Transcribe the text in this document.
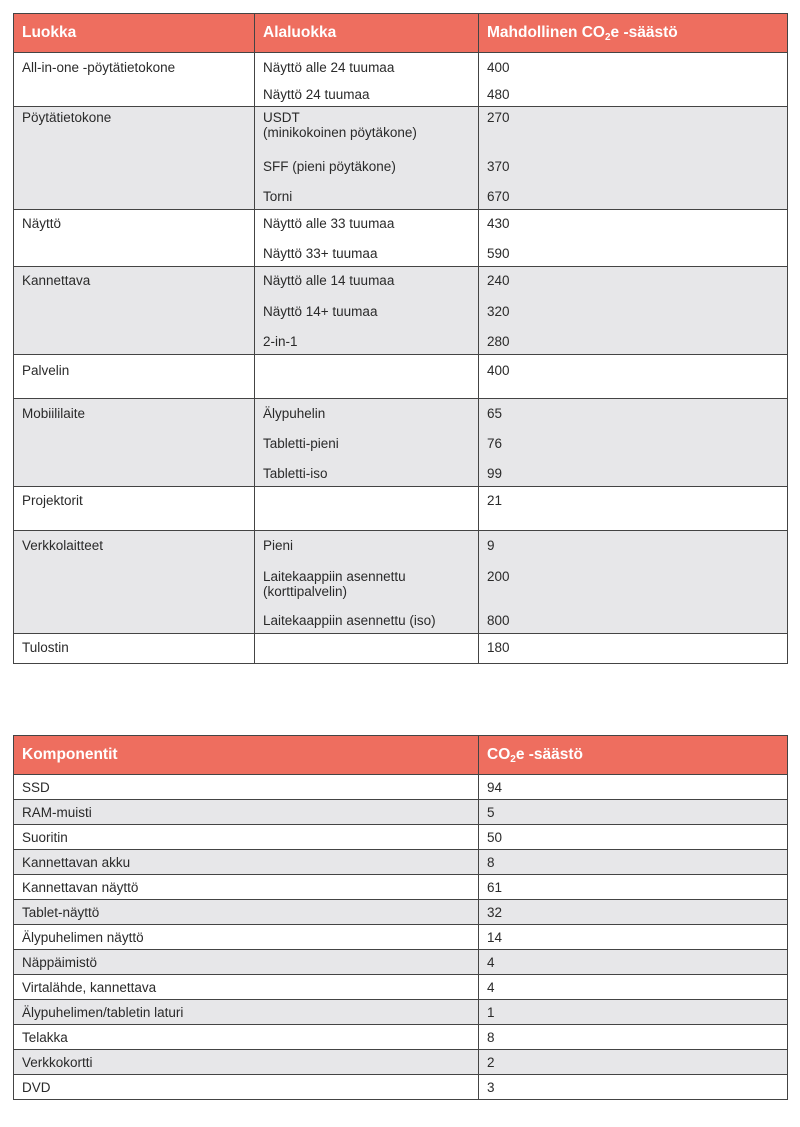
Luokka	Alaluokka	Mahdollinen $CO_2e$ -säästö
All-in-one -pöytätietokone	Näyttö alle 24 tuumaa	400

	Näyttö 24 tuumaa	480
Pöytätietokone	USDT
(minikokoinen pöytäkone)	270

	SFF (pieni pöytäkone)	370

	Torni	670
Näyttö	Näyttö alle 33 tuumaa	430

	Näyttö 33+ tuumaa	590
Kannettava	Näyttö alle 14 tuumaa	240

	Näyttö 14+ tuumaa	320

	2-in-1	280
Palvelin		400
Mobiililaite	Älypuhelin	65

	Tabletti-pieni	76

	Tabletti-iso	99
Projektorit		21
Verkkolaitteet	Pieni	9

	Laitekaappiin asennettu
(korttipalvelin)	200

	Laitekaappiin asennettu (iso)	800
Tulostin		180
Komponentit	$CO_2e$ -säästö
SSD	94
RAM-muisti	5
Suoritin	50
Kannettavan akku	8
Kannettavan näyttö	61
Tablet-näyttö	32
Älypuhelimen näyttö	14
Näppäimistö	4
Virtalähde, kannettava	4
Älypuhelimen/tabletin laturi	1
Telakka	8
Verkkokortti	2
DVD	3
